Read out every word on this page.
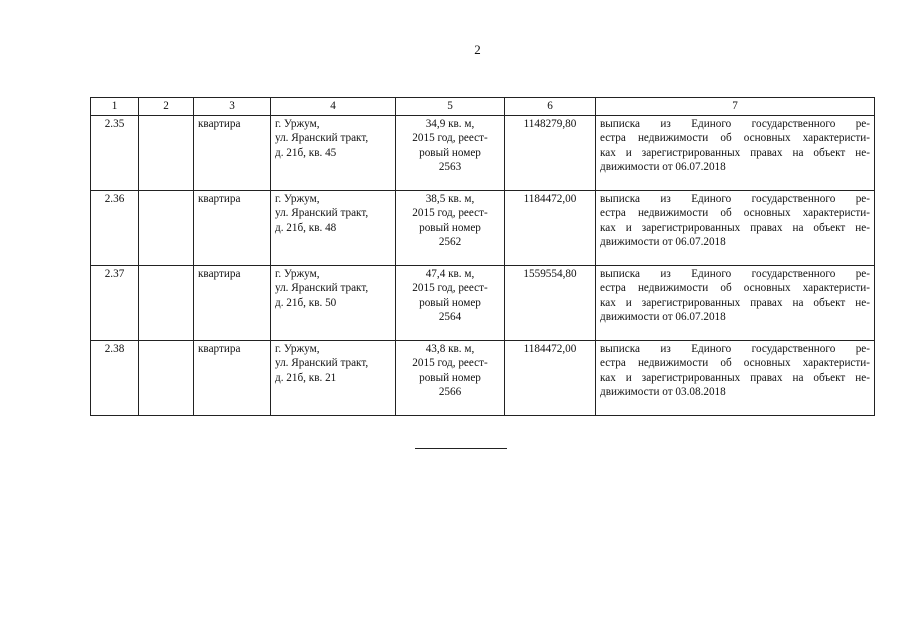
2
1	2	3	4	5	6	7
2.35		квартира	г. Уржум,
ул. Яранский тракт,
д. 21б, кв. 45	34,9 кв. м,
2015 год, реест-
ровый номер
2563	1148279,80	выписка из Единого государственного ре-
естра недвижимости об основных характеристи-
ках и зарегистрированных правах на объект не-
движимости от 06.07.2018

2.36		квартира	г. Уржум,
ул. Яранский тракт,
д. 21б, кв. 48	38,5 кв. м,
2015 год, реест-
ровый номер
2562	1184472,00	выписка из Единого государственного ре-
естра недвижимости об основных характеристи-
ках и зарегистрированных правах на объект не-
движимости от 06.07.2018

2.37		квартира	г. Уржум,
ул. Яранский тракт,
д. 21б, кв. 50	47,4 кв. м,
2015 год, реест-
ровый номер
2564	1559554,80	выписка из Единого государственного ре-
естра недвижимости об основных характеристи-
ках и зарегистрированных правах на объект не-
движимости от 06.07.2018

2.38		квартира	г. Уржум,
ул. Яранский тракт,
д. 21б, кв. 21	43,8 кв. м,
2015 год, реест-
ровый номер
2566	1184472,00	выписка из Единого государственного ре-
естра недвижимости об основных характеристи-
ках и зарегистрированных правах на объект не-
движимости от 03.08.2018
